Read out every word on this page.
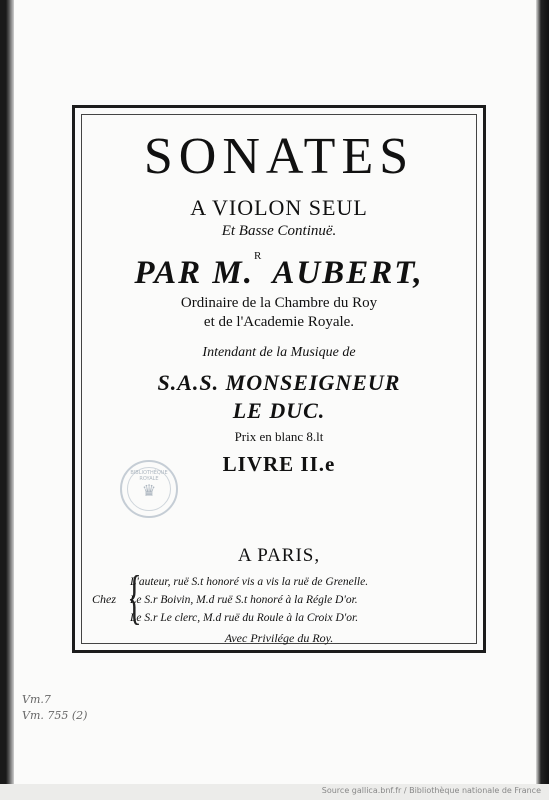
SONATES
A VIOLON SEUL
Et Basse Continuë.
PAR M.$^R$ AUBERT,
Ordinaire de la Chambre du Roy
et de l'Academie Royale.
Intendant de la Musique de
S.A.S. MONSEIGNEUR
LE DUC.
Prix en blanc 8.lt
LIVRE II.e
A PARIS,
Chez {
L'auteur, ruë S.t honoré vis a vis la ruë de Grenelle.
Le S.r Boivin, M.d ruë S.t honoré à la Régle D'or.
Le S.r Le clerc, M.d ruë du Roule à la Croix D'or.
Avec Privilége du Roy.
BIBLIOTHÈQUE ROYALE
♛
Vm.7
Vm. 755 (2)
Source gallica.bnf.fr / Bibliothèque nationale de France
